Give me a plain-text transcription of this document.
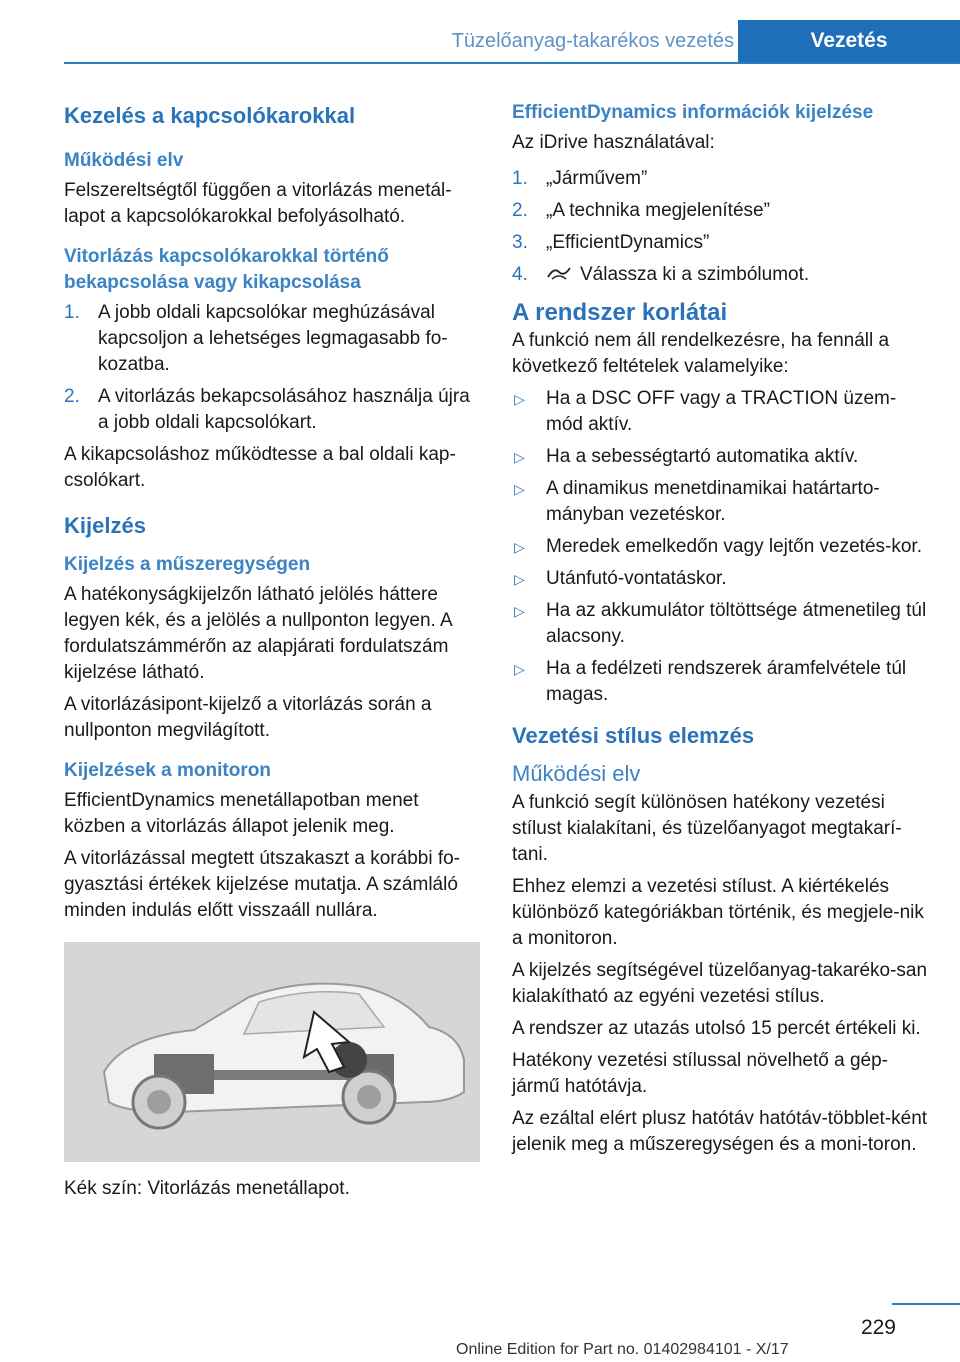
Tüzelőanyag-takarékos vezetés	Vezetés
Kezelés a kapcsolókarokkal
Működési elv

Felszereltségtől függően a vitorlázás menetál-lapot a kapcsolókarokkal befolyásolható.

Vitorlázás kapcsolókarokkal történő bekapcsolása vagy kikapcsolása
1. A jobb oldali kapcsolókar meghúzásával kapcsoljon a lehetséges legmagasabb fo-kozatba.
2. A vitorlázás bekapcsolásához használja újra a jobb oldali kapcsolókart.

A kikapcsoláshoz működtesse a bal oldali kap-csolókart.

Kijelzés
Kijelzés a műszeregységen

A hatékonyságkijelzőn látható jelölés háttere legyen kék, és a jelölés a nullponton legyen. A fordulatszámmérőn az alapjárati fordulatszám kijelzése látható.

A vitorlázásipont-kijelző a vitorlázás során a nullponton megvilágított.

Kijelzések a monitoron

EfficientDynamics menetállapotban menet közben a vitorlázás állapot jelenik meg.

A vitorlázással megtett útszakaszt a korábbi fo-gyasztási értékek kijelzése mutatja. A számláló minden indulás előtt visszaáll nullára.

Kék szín: Vitorlázás menetállapot.

EfficientDynamics információk kijelzése

Az iDrive használatával:

1. „Járművem”
2. „A technika megjelenítése”
3. „EfficientDynamics”
4.	Válassza ki a szimbólumot.
A rendszer korlátai

A funkció nem áll rendelkezésre, ha fennáll a következő feltételek valamelyike:

▷ Ha a DSC OFF vagy a TRACTION üzem-mód aktív.
▷ Ha a sebességtartó automatika aktív.
▷ A dinamikus menetdinamikai határtarto-mányban vezetéskor.
▷ Meredek emelkedőn vagy lejtőn vezetés-kor.
▷ Utánfutó-vontatáskor.
▷ Ha az akkumulátor töltöttsége átmenetileg túl alacsony.
▷ Ha a fedélzeti rendszerek áramfelvétele túl magas.
Vezetési stílus elemzés
Működési elv

A funkció segít különösen hatékony vezetési stílust kialakítani, és tüzelőanyagot megtakarí-tani.

Ehhez elemzi a vezetési stílust. A kiértékelés különböző kategóriákban történik, és megjele-nik a monitoron.

A kijelzés segítségével tüzelőanyag-takaréko-san kialakítható az egyéni vezetési stílus.

A rendszer az utazás utolsó 15 percét értékeli ki.

Hatékony vezetési stílussal növelhető a gép-jármű hatótávja.

Az ezáltal elért plusz hatótáv hatótáv-többlet-ként jelenik meg a műszeregységen és a moni-toron.

229
Online Edition for Part no. 01402984101 - X/17
